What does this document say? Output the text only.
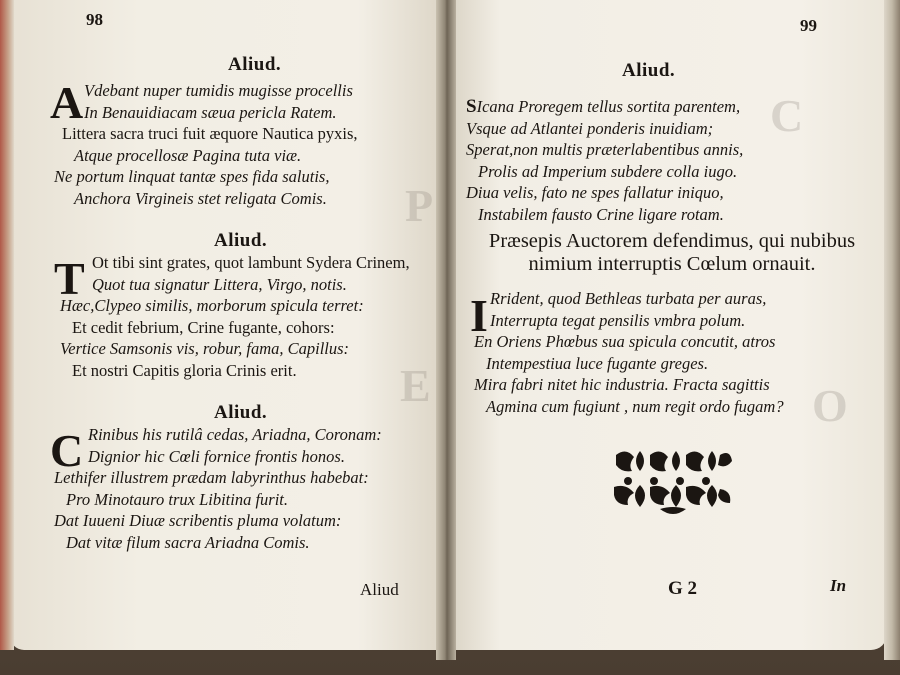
P
E
C
O
98
Aliud.
A Vdebant nuper tumidis mugisse procellis
In Benauidiacam sæua pericla Ratem.
Littera sacra truci fuit æquore Nautica pyxis,
Atque procellosæ Pagina tuta viæ.
Ne portum linquat tantæ spes fida salutis,
Anchora Virgineis stet religata Comis.
Aliud.
T Ot tibi sint grates, quot lambunt Sydera Crinem,
Quot tua signatur Littera, Virgo, notis.
Hæc,Clypeo similis, morborum spicula terret:
Et cedit febrium, Crine fugante, cohors:
Vertice Samsonis vis, robur, fama, Capillus:
Et nostri Capitis gloria Crinis erit.
Aliud.
C Rinibus his rutilâ cedas, Ariadna, Coronam:
Dignior hic Cœli fornice frontis honos.
Lethifer illustrem prædam labyrinthus habebat:
Pro Minotauro trux Libitina furit.
Dat Iuueni Diuæ scribentis pluma volatum:
Dat vitæ filum sacra Ariadna Comis.
Aliud
99
Aliud.
SIcana Proregem tellus sortita parentem,
Vsque ad Atlantei ponderis inuidiam;
Sperat,non multis præterlabentibus annis,
Prolis ad Imperium subdere colla iugo.
Diua velis, fato ne spes fallatur iniquo,
Instabilem fausto Crine ligare rotam.
Præsepis Auctorem defendimus, qui nubibus
nimium interruptis Cœlum ornauit.
I Rrident, quod Bethleas turbata per auras,
Interrupta tegat pensilis vmbra polum.
En Oriens Phœbus sua spicula concutit, atros
Intempestiua luce fugante greges.
Mira fabri nitet hic industria. Fracta sagittis
Agmina cum fugiunt , num regit ordo fugam?
G 2	In
